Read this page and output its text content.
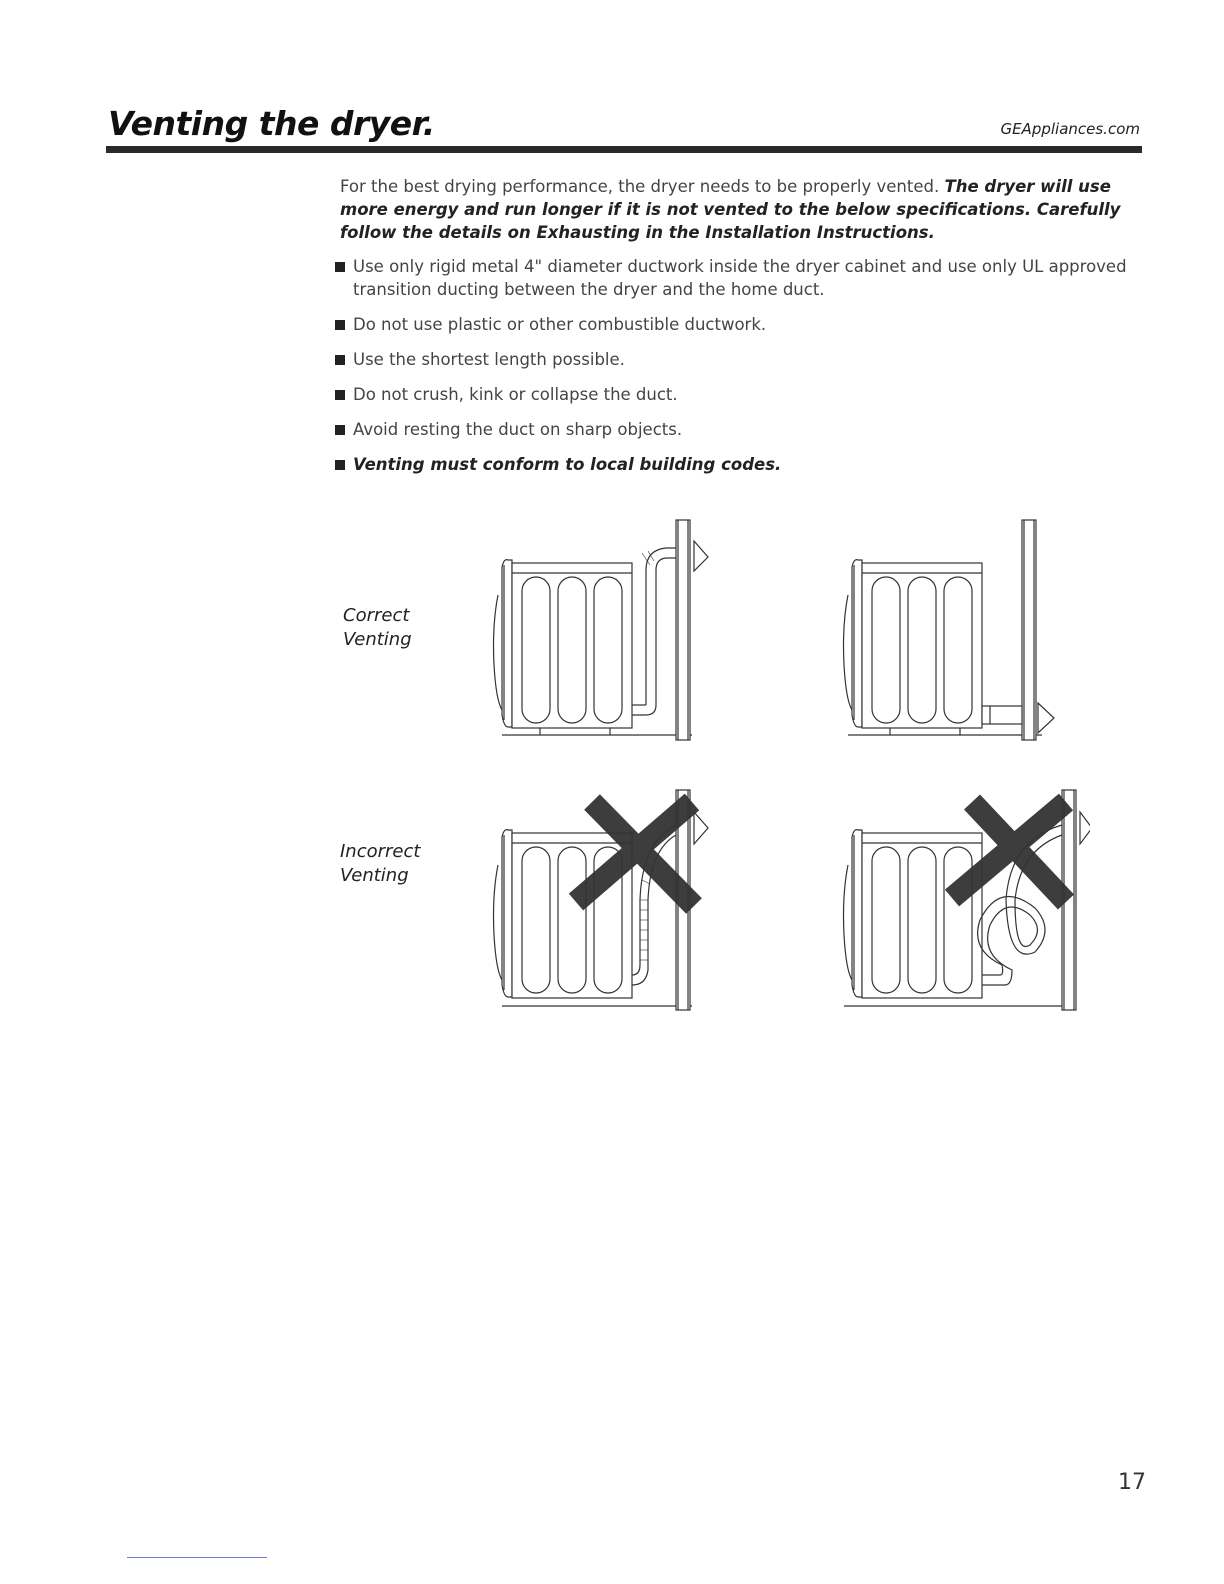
Venting the dryer.	GEAppliances.com

For the best drying performance, the dryer needs to be properly vented. The dryer will use more energy and run longer if it is not vented to the below specifications. Carefully follow the details on Exhausting in the Installation Instructions.

Use only rigid metal 4" diameter ductwork inside the dryer cabinet and use only UL approved transition ducting between the dryer and the home duct.
Do not use plastic or other combustible ductwork.
Use the shortest length possible.
Do not crush, kink or collapse the duct.
Avoid resting the duct on sharp objects.
Venting must conform to local building codes.
Correct
Venting
Incorrect
Venting
17
